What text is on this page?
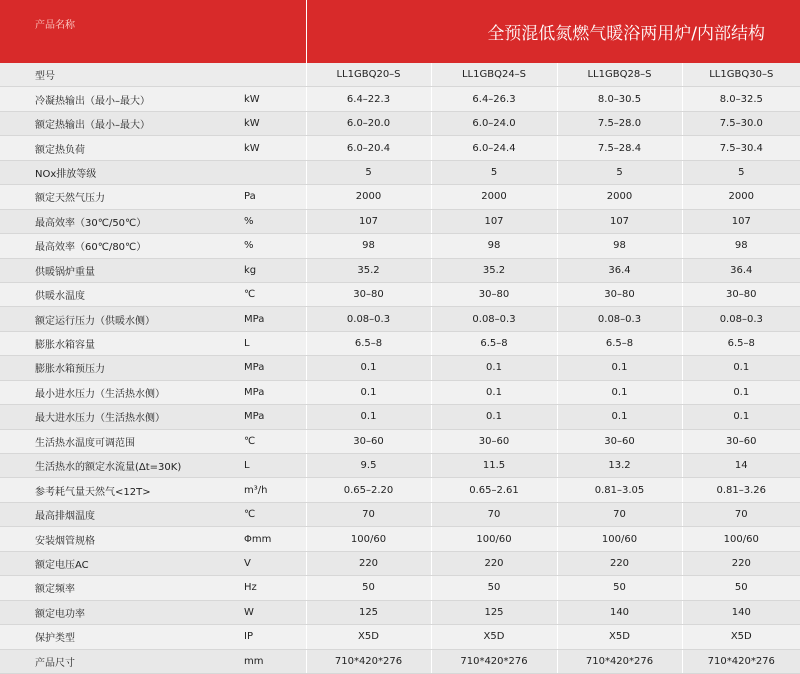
产品名称		全预混低氮燃气暖浴两用炉/内部结构			
型号		LL1GBQ20–S	LL1GBQ24–S	LL1GBQ28–S	LL1GBQ30–S
冷凝热输出（最小–最大）	kW	6.4–22.3	6.4–26.3	8.0–30.5	8.0–32.5
额定热输出（最小–最大）	kW	6.0–20.0	6.0–24.0	7.5–28.0	7.5–30.0
额定热负荷	kW	6.0–20.4	6.0–24.4	7.5–28.4	7.5–30.4
NOx排放等级		5	5	5	5
额定天然气压力	Pa	2000	2000	2000	2000
最高效率（30℃/50℃）	%	107	107	107	107
最高效率（60℃/80℃）	%	98	98	98	98
供暖锅炉重量	kg	35.2	35.2	36.4	36.4
供暖水温度	℃	30–80	30–80	30–80	30–80
额定运行压力（供暖水侧）	MPa	0.08–0.3	0.08–0.3	0.08–0.3	0.08–0.3
膨胀水箱容量	L	6.5–8	6.5–8	6.5–8	6.5–8
膨胀水箱预压力	MPa	0.1	0.1	0.1	0.1
最小进水压力（生活热水侧）	MPa	0.1	0.1	0.1	0.1
最大进水压力（生活热水侧）	MPa	0.1	0.1	0.1	0.1
生活热水温度可调范围	℃	30–60	30–60	30–60	30–60
生活热水的额定水流量(Δt=30K)	L	9.5	11.5	13.2	14
参考耗气量天然气<12T>	m³/h	0.65–2.20	0.65–2.61	0.81–3.05	0.81–3.26
最高排烟温度	℃	70	70	70	70
安装烟管规格	Φmm	100/60	100/60	100/60	100/60
额定电压AC	V	220	220	220	220
额定频率	Hz	50	50	50	50
额定电功率	W	125	125	140	140
保护类型	IP	X5D	X5D	X5D	X5D
产品尺寸	mm	710*420*276	710*420*276	710*420*276	710*420*276
